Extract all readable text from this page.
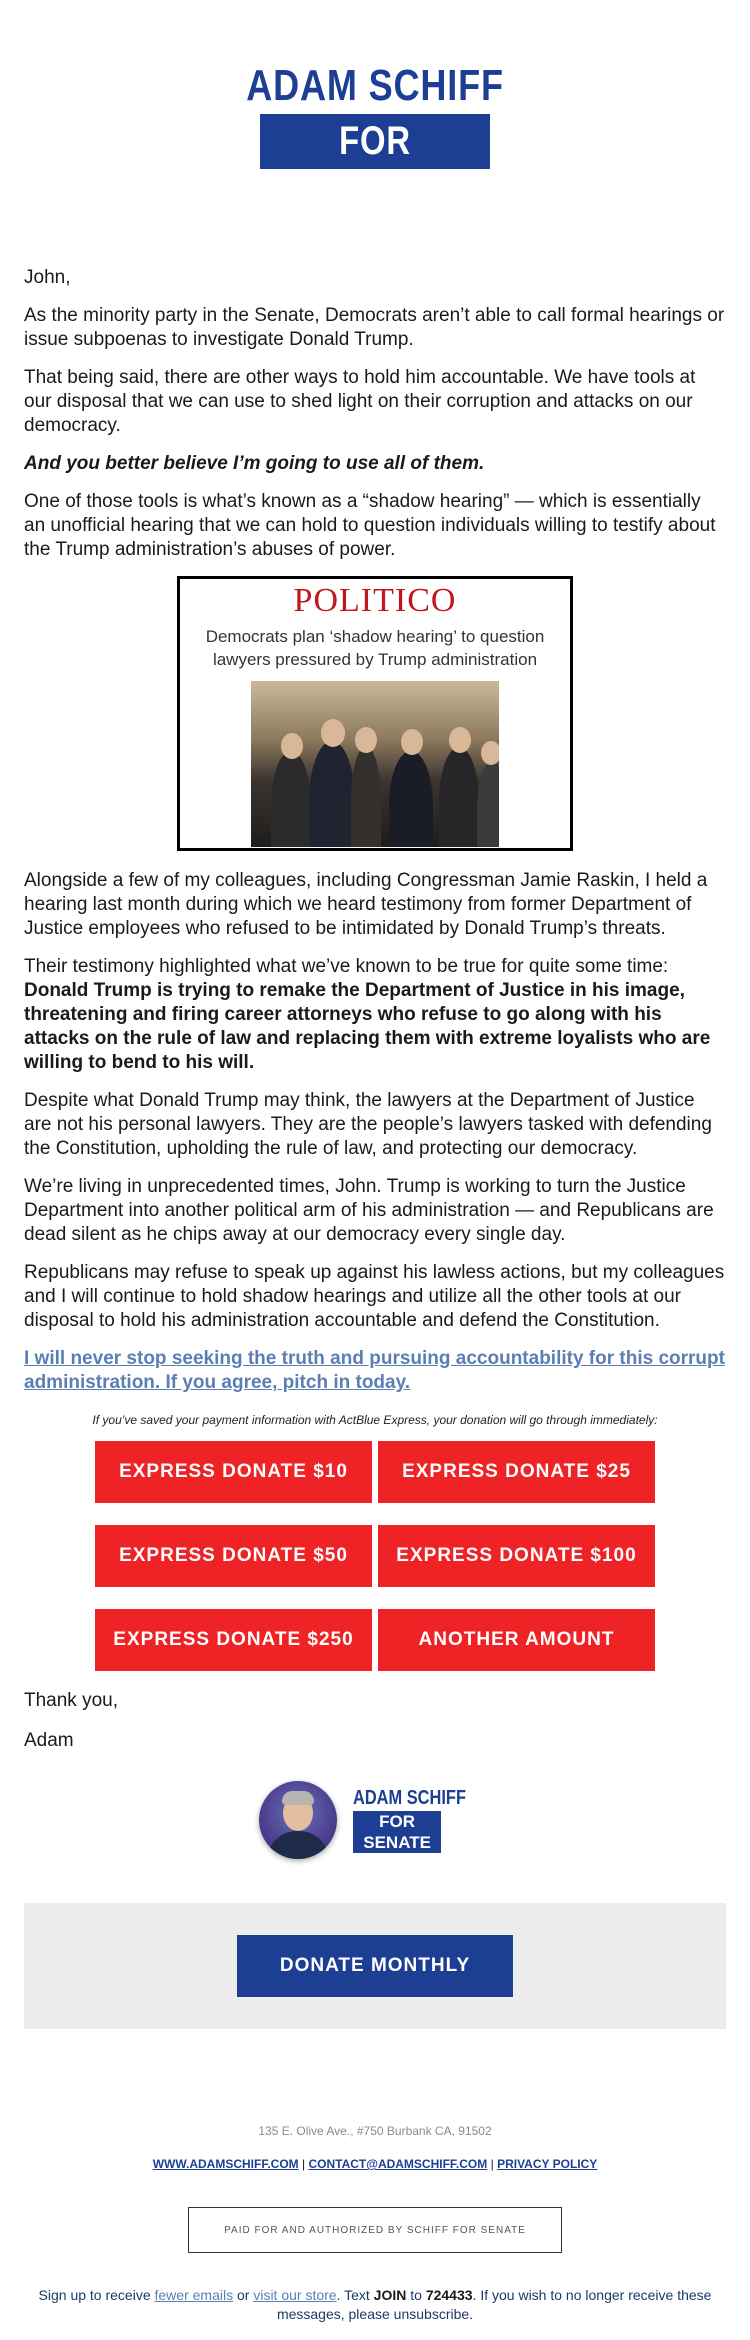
ADAM SCHIFF
FOR SENATE

John,

As the minority party in the Senate, Democrats aren’t able to call formal hearings or issue subpoenas to investigate Donald Trump.

That being said, there are other ways to hold him accountable. We have tools at our disposal that we can use to shed light on their corruption and attacks on our democracy.

And you better believe I’m going to use all of them.

One of those tools is what’s known as a “shadow hearing” — which is essentially an unofficial hearing that we can hold to question individuals willing to testify about the Trump administration’s abuses of power.

POLITICO
Democrats plan ‘shadow hearing’ to question lawyers pressured by Trump administration

Alongside a few of my colleagues, including Congressman Jamie Raskin, I held a hearing last month during which we heard testimony from former Department of Justice employees who refused to be intimidated by Donald Trump’s threats.

Their testimony highlighted what we’ve known to be true for quite some time: Donald Trump is trying to remake the Department of Justice in his image, threatening and firing career attorneys who refuse to go along with his attacks on the rule of law and replacing them with extreme loyalists who are willing to bend to his will.

Despite what Donald Trump may think, the lawyers at the Department of Justice are not his personal lawyers. They are the people’s lawyers tasked with defending the Constitution, upholding the rule of law, and protecting our democracy.

We’re living in unprecedented times, John. Trump is working to turn the Justice Department into another political arm of his administration — and Republicans are dead silent as he chips away at our democracy every single day.

Republicans may refuse to speak up against his lawless actions, but my colleagues and I will continue to hold shadow hearings and utilize all the other tools at our disposal to hold his administration accountable and defend the Constitution.

I will never stop seeking the truth and pursuing accountability for this corrupt administration. If you agree, pitch in today.
If you’ve saved your payment information with ActBlue Express, your donation will go through immediately:
EXPRESS DONATE $10	EXPRESS DONATE $25
EXPRESS DONATE $50	EXPRESS DONATE $100
EXPRESS DONATE $250	ANOTHER AMOUNT
Thank you,
Adam
ADAM SCHIFF
FOR SENATE
DONATE MONTHLY
135 E. Olive Ave., #750 Burbank CA, 91502
WWW.ADAMSCHIFF.COM | CONTACT@ADAMSCHIFF.COM | PRIVACY POLICY
PAID FOR AND AUTHORIZED BY SCHIFF FOR SENATE
Sign up to receive fewer emails or visit our store. Text JOIN to 724433. If you wish to no longer receive these messages, please unsubscribe.
